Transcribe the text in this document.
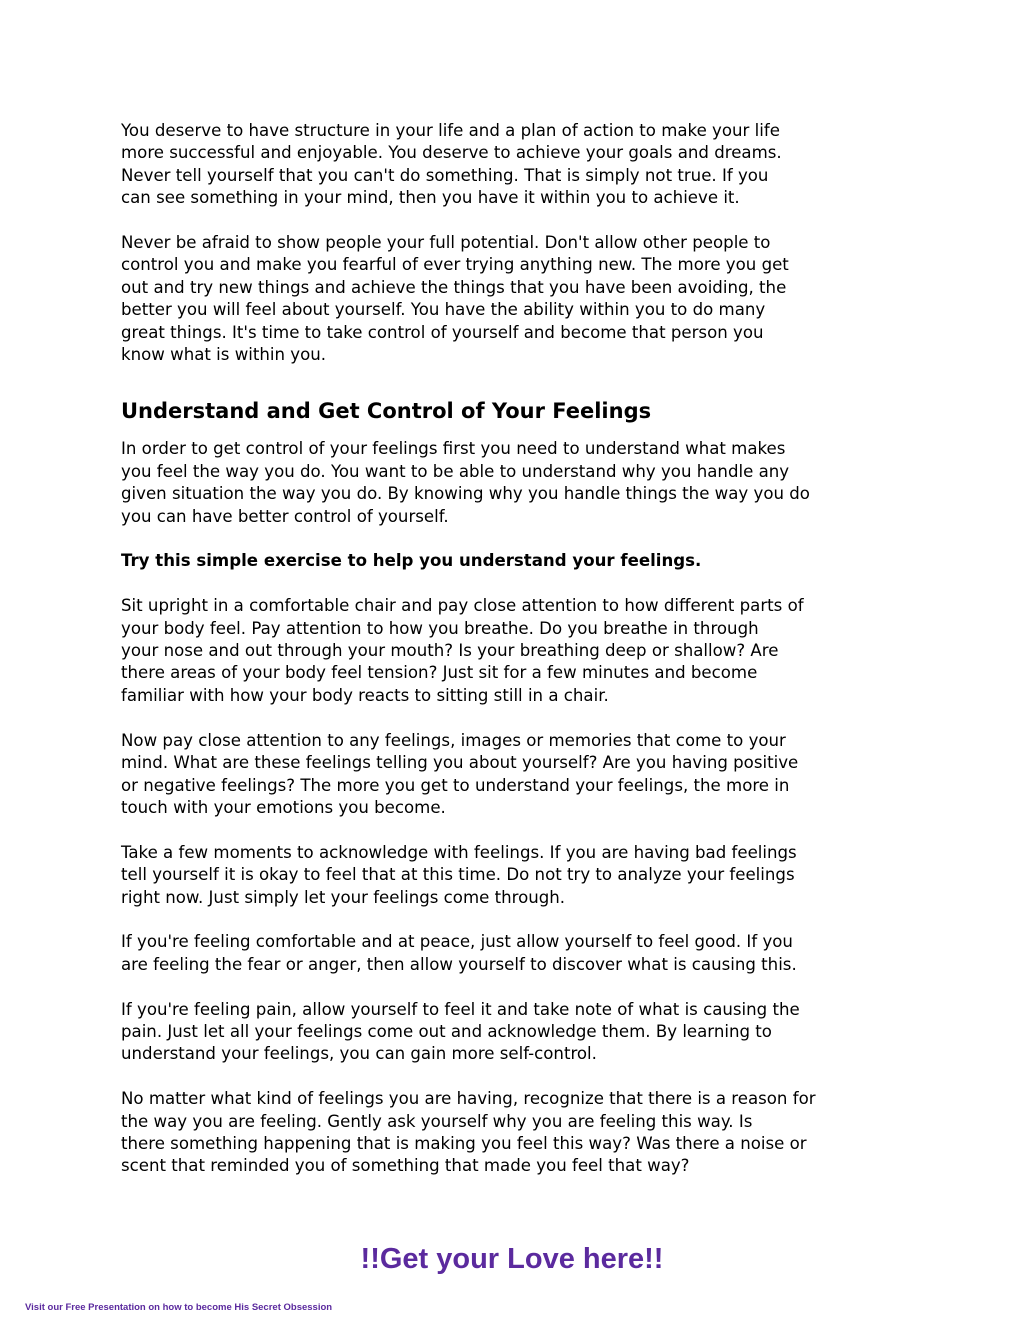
You deserve to have structure in your life and a plan of action to make your life
more successful and enjoyable. You deserve to achieve your goals and dreams.
Never tell yourself that you can't do something. That is simply not true. If you
can see something in your mind, then you have it within you to achieve it.

Never be afraid to show people your full potential. Don't allow other people to
control you and make you fearful of ever trying anything new. The more you get
out and try new things and achieve the things that you have been avoiding, the
better you will feel about yourself. You have the ability within you to do many
great things. It's time to take control of yourself and become that person you
know what is within you.

Understand and Get Control of Your Feelings

In order to get control of your feelings first you need to understand what makes
you feel the way you do. You want to be able to understand why you handle any
given situation the way you do. By knowing why you handle things the way you do
you can have better control of yourself.

Try this simple exercise to help you understand your feelings.

Sit upright in a comfortable chair and pay close attention to how different parts of
your body feel. Pay attention to how you breathe. Do you breathe in through
your nose and out through your mouth? Is your breathing deep or shallow? Are
there areas of your body feel tension? Just sit for a few minutes and become
familiar with how your body reacts to sitting still in a chair.

Now pay close attention to any feelings, images or memories that come to your
mind. What are these feelings telling you about yourself? Are you having positive
or negative feelings? The more you get to understand your feelings, the more in
touch with your emotions you become.

Take a few moments to acknowledge with feelings. If you are having bad feelings
tell yourself it is okay to feel that at this time. Do not try to analyze your feelings
right now. Just simply let your feelings come through.

If you're feeling comfortable and at peace, just allow yourself to feel good. If you
are feeling the fear or anger, then allow yourself to discover what is causing this.

If you're feeling pain, allow yourself to feel it and take note of what is causing the
pain. Just let all your feelings come out and acknowledge them. By learning to
understand your feelings, you can gain more self-control.

No matter what kind of feelings you are having, recognize that there is a reason for
the way you are feeling. Gently ask yourself why you are feeling this way. Is
there something happening that is making you feel this way? Was there a noise or
scent that reminded you of something that made you feel that way?

!!Get your Love here!!
Visit our Free Presentation on how to become His Secret Obsession
